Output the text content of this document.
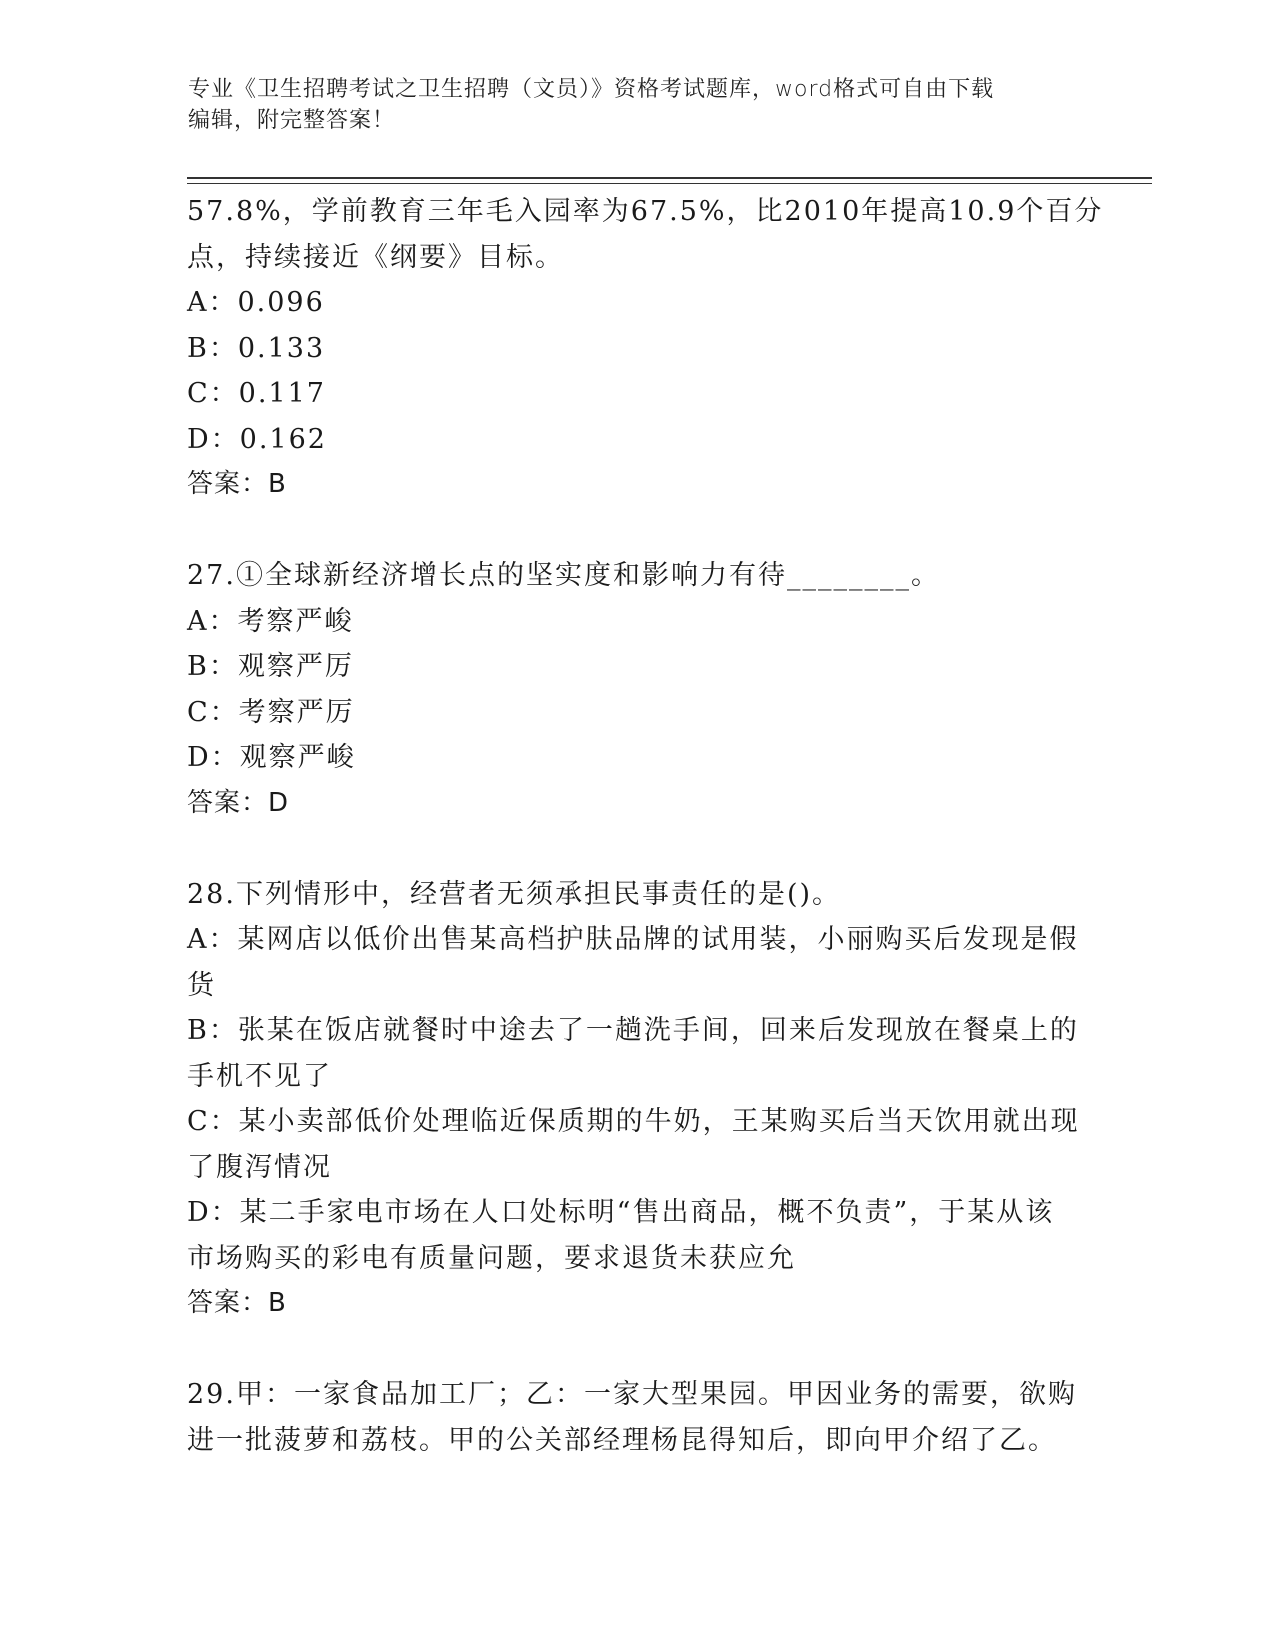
专业《卫生招聘考试之卫生招聘（文员）》资格考试题库，word格式可自由下载
编辑，附完整答案！
57.8%，学前教育三年毛入园率为67.5%，比2010年提高10.9个百分
点，持续接近《纲要》目标。
A：0.096
B：0.133
C：0.117
D：0.162
答案：B
27.①全球新经济增长点的坚实度和影响力有待________。
A：考察严峻
B：观察严厉
C：考察严厉
D：观察严峻
答案：D
28.下列情形中，经营者无须承担民事责任的是()。
A：某网店以低价出售某高档护肤品牌的试用装，小丽购买后发现是假
货
B：张某在饭店就餐时中途去了一趟洗手间，回来后发现放在餐桌上的
手机不见了
C：某小卖部低价处理临近保质期的牛奶，王某购买后当天饮用就出现
了腹泻情况
D：某二手家电市场在人口处标明“售出商品，概不负责”，于某从该
市场购买的彩电有质量问题，要求退货未获应允
答案：B
29.甲：一家食品加工厂；乙：一家大型果园。甲因业务的需要，欲购
进一批菠萝和荔枝。甲的公关部经理杨昆得知后，即向甲介绍了乙。
